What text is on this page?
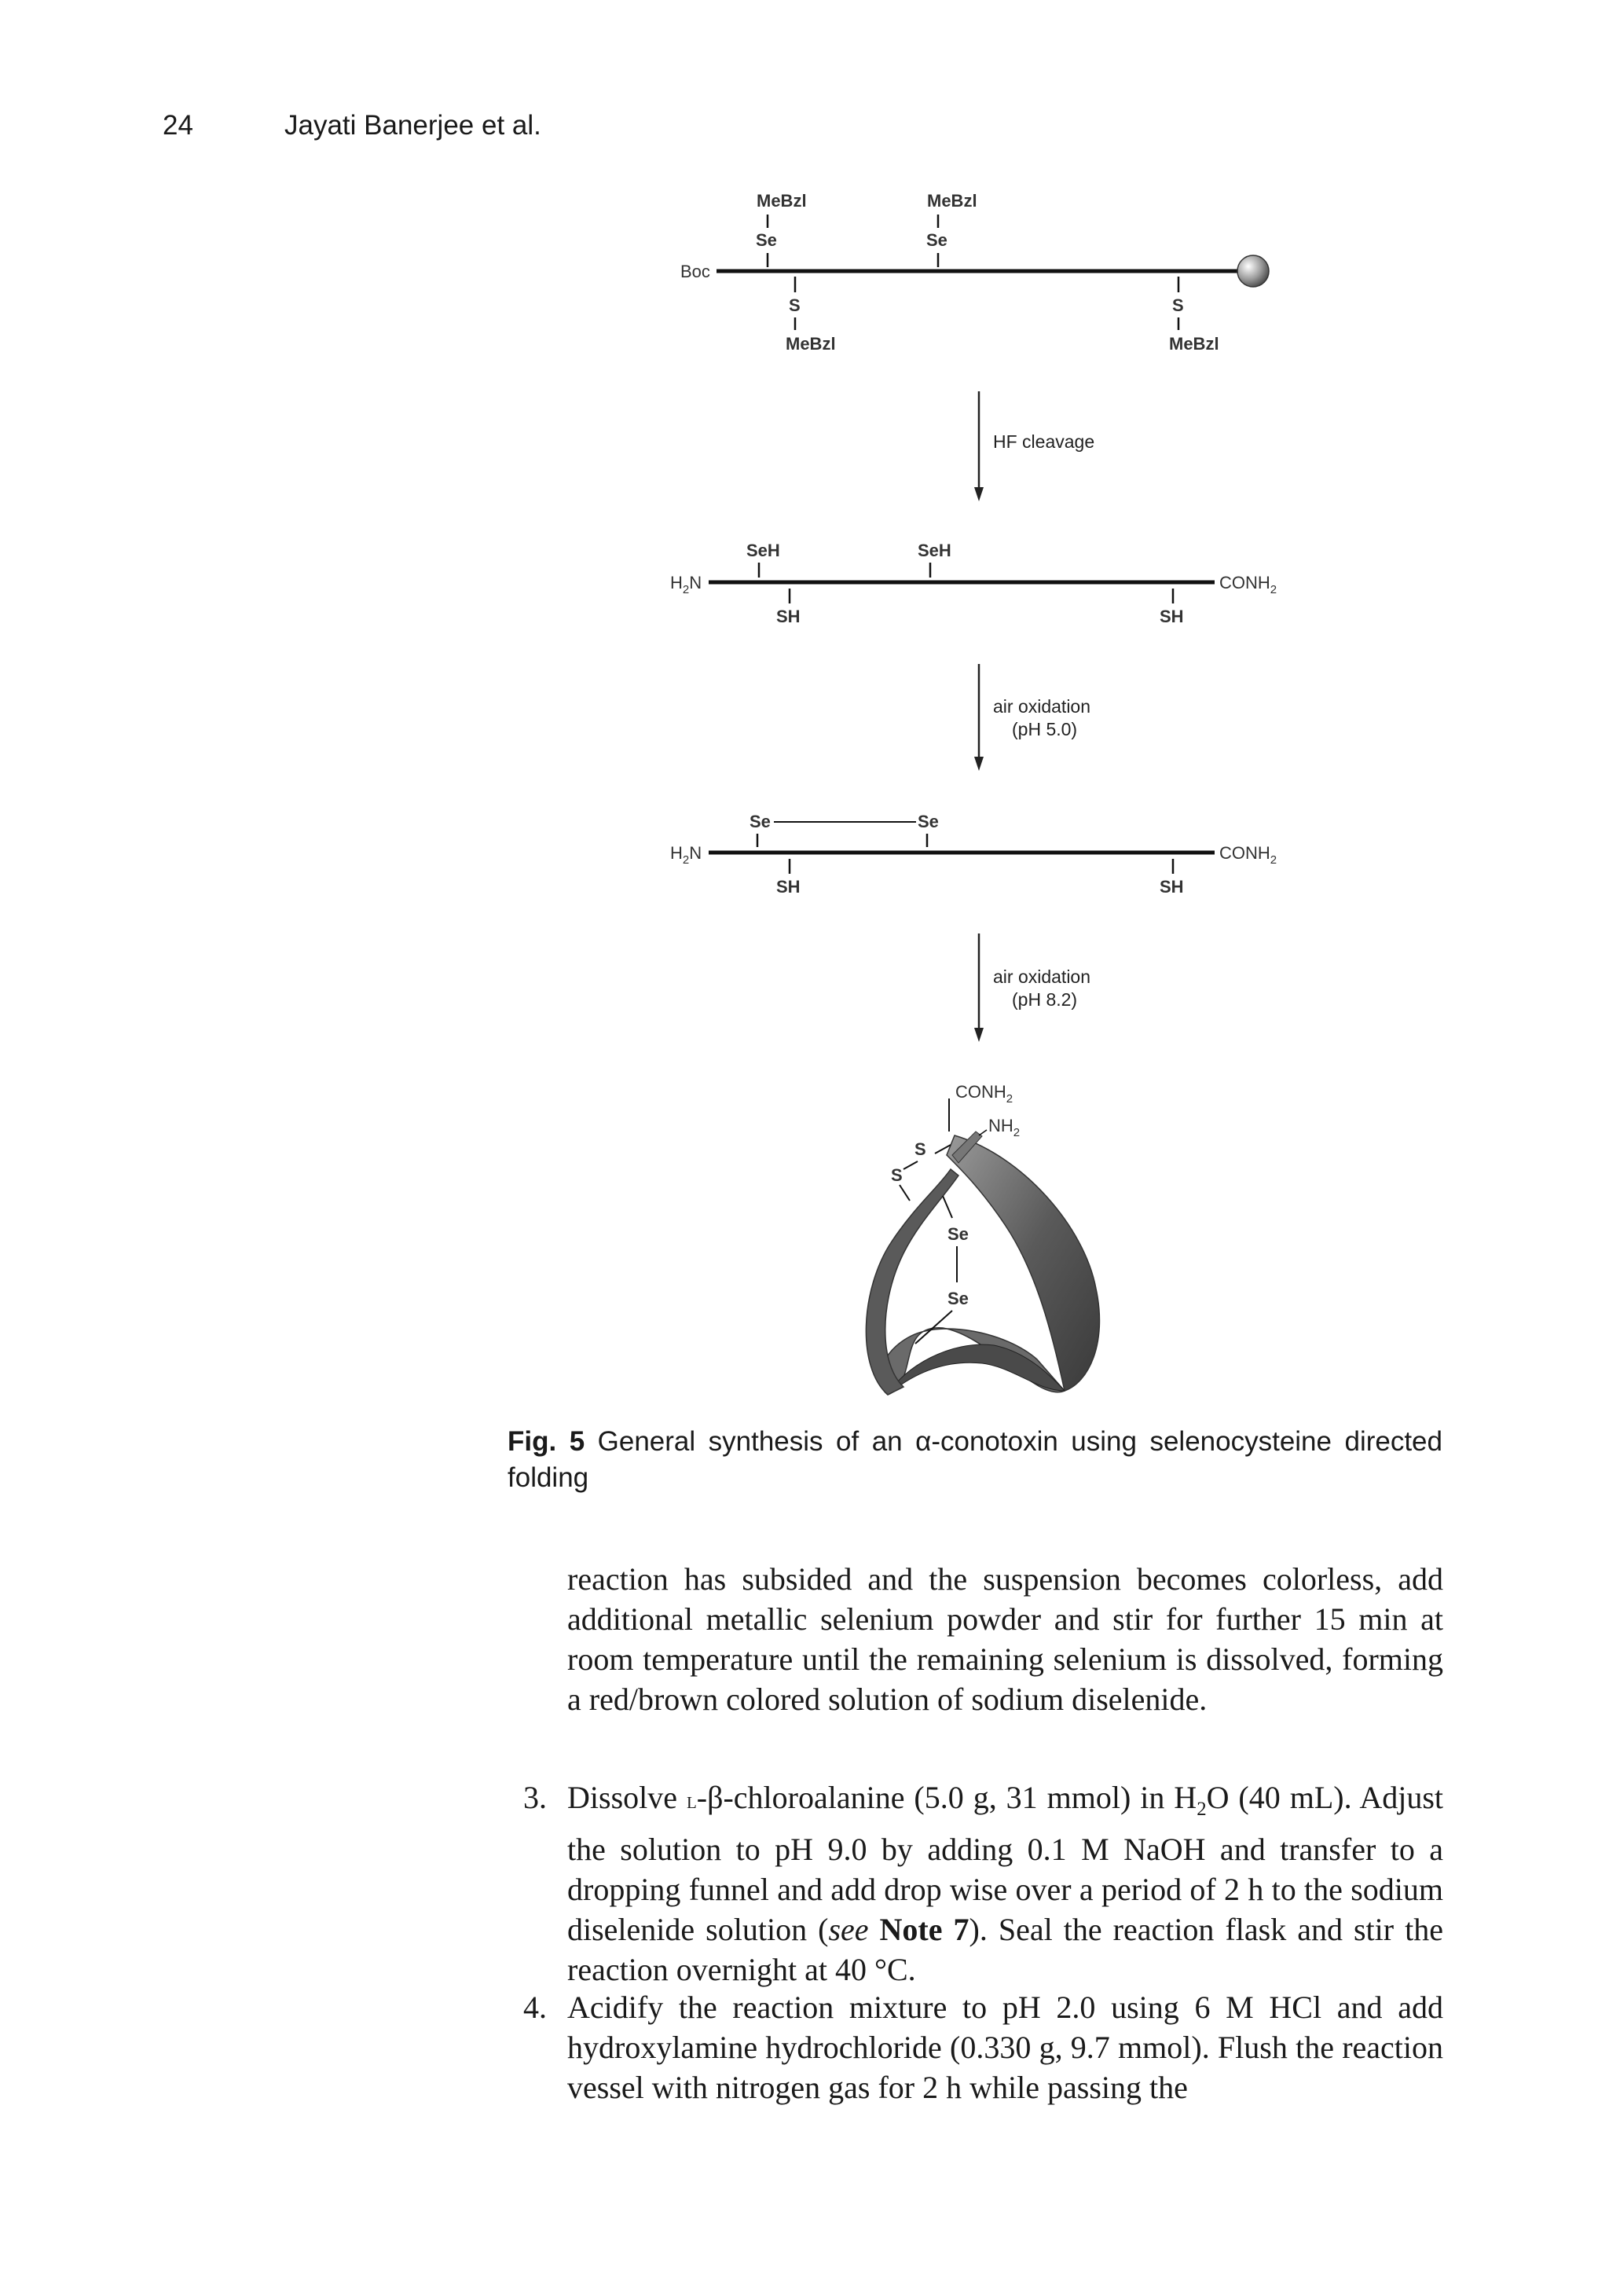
24	Jayati Banerjee et al.
Boc
MeBzl
Se
MeBzl
Se
S
MeBzl
S
MeBzl
HF cleavage
$H_2N$	$CONH_2$
SeH	SeH
SH	SH
air oxidation
(pH 5.0)
$H_2N$	$CONH_2$
Se	Se
SH	SH
air oxidation
(pH 8.2)
S
S
Se
Se
$CONH_2$
$NH_2$
Fig. 5 General synthesis of an α-conotoxin using selenocysteine directed folding

reaction has subsided and the suspension becomes colorless, add additional metallic selenium powder and stir for further 15 min at room temperature until the remaining selenium is dissolved, forming a red/brown colored solution of sodium diselenide.

3. Dissolve l-β-chloroalanine (5.0 g, 31 mmol) in $H_2O$ (40 mL). Adjust the solution to pH 9.0 by adding 0.1 M NaOH and transfer to a dropping funnel and add drop wise over a period of 2 h to the sodium diselenide solution (see Note 7). Seal the reaction flask and stir the reaction overnight at 40 °C.
4. Acidify the reaction mixture to pH 2.0 using 6 M HCl and add hydroxylamine hydrochloride (0.330 g, 9.7 mmol). Flush the reaction vessel with nitrogen gas for 2 h while passing the
